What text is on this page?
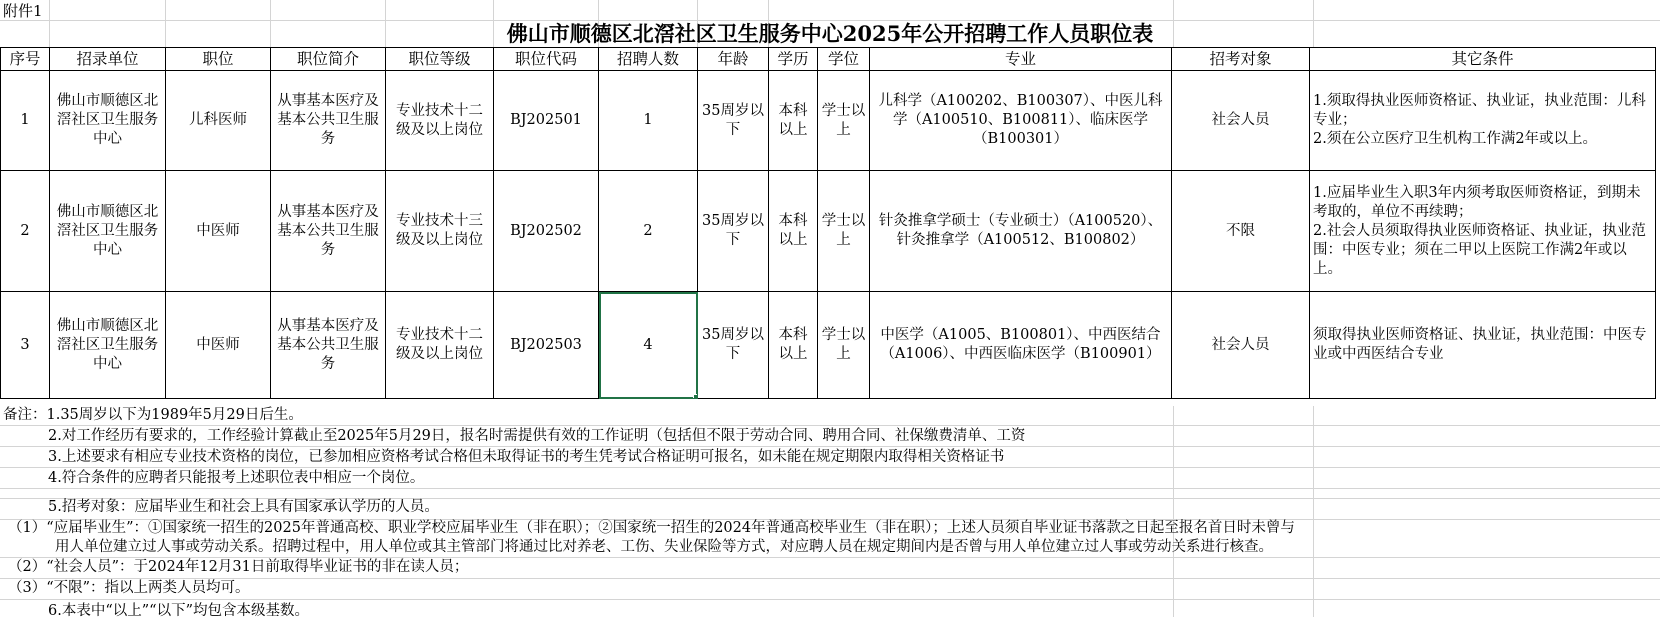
附件1
佛山市顺德区北滘社区卫生服务中心2025年公开招聘工作人员职位表
序号	招录单位	职位	职位简介	职位等级	职位代码	招聘人数	年龄	学历	学位	专业	招考对象	其它条件
1	佛山市顺德区北滘社区卫生服务中心	儿科医师	从事基本医疗及基本公共卫生服务	专业技术十二级及以上岗位	BJ202501	1	35周岁以下	本科以上	学士以上	儿科学（A100202、B100307）、中医儿科学（A100510、B100811）、临床医学（B100301）	社会人员	1.须取得执业医师资格证、执业证，执业范围：儿科专业；
2.须在公立医疗卫生机构工作满2年或以上。
2	佛山市顺德区北滘社区卫生服务中心	中医师	从事基本医疗及基本公共卫生服务	专业技术十三级及以上岗位	BJ202502	2	35周岁以下	本科以上	学士以上	针灸推拿学硕士（专业硕士）（A100520）、针灸推拿学（A100512、B100802）	不限	1.应届毕业生入职3年内须考取医师资格证，到期未考取的，单位不再续聘；
2.社会人员须取得执业医师资格证、执业证，执业范围：中医专业；须在二甲以上医院工作满2年或以上。
3	佛山市顺德区北滘社区卫生服务中心	中医师	从事基本医疗及基本公共卫生服务	专业技术十二级及以上岗位	BJ202503	4	35周岁以下	本科以上	学士以上	中医学（A1005、B100801）、中西医结合（A1006）、中西医临床医学（B100901）	社会人员	须取得执业医师资格证、执业证，执业范围：中医专业或中西医结合专业
备注：1.35周岁以下为1989年5月29日后生。
2.对工作经历有要求的，工作经验计算截止至2025年5月29日，报名时需提供有效的工作证明（包括但不限于劳动合同、聘用合同、社保缴费清单、工资
3.上述要求有相应专业技术资格的岗位，已参加相应资格考试合格但未取得证书的考生凭考试合格证明可报名，如未能在规定期限内取得相关资格证书
4.符合条件的应聘者只能报考上述职位表中相应一个岗位。
5.招考对象：应届毕业生和社会上具有国家承认学历的人员。
（1）“应届毕业生”：①国家统一招生的2025年普通高校、职业学校应届毕业生（非在职）；②国家统一招生的2024年普通高校毕业生（非在职）；上述人员须自毕业证书落款之日起至报名首日时未曾与
用人单位建立过人事或劳动关系。招聘过程中，用人单位或其主管部门将通过比对养老、工伤、失业保险等方式，对应聘人员在规定期间内是否曾与用人单位建立过人事或劳动关系进行核查。
（2）“社会人员”：于2024年12月31日前取得毕业证书的非在读人员；
（3）“不限”：指以上两类人员均可。
6.本表中“以上”“以下”均包含本级基数。
